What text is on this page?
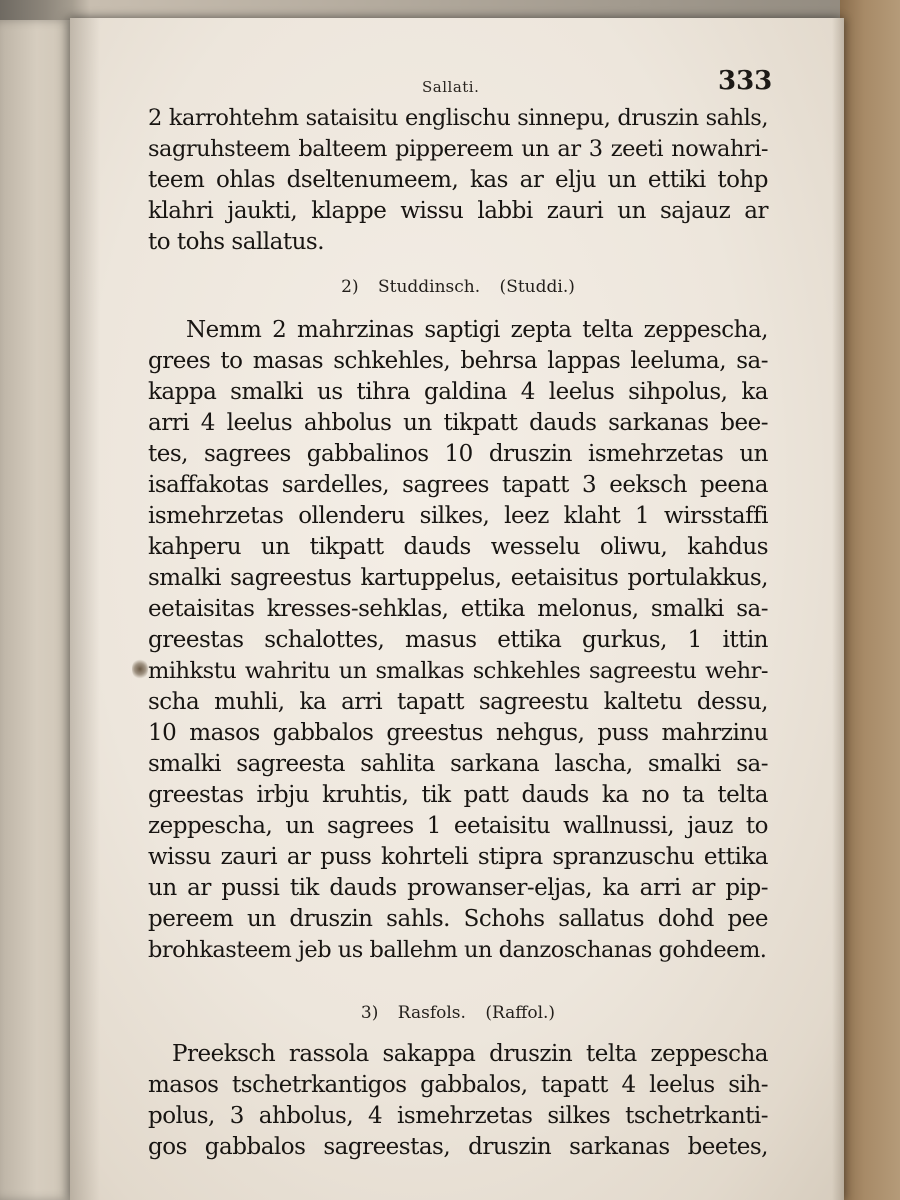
Sallati.	333

2 karrohtehm sataisitu englischu sinnepu, druszin sahls,
sagruhsteem balteem pippereem un ar 3 zeeti nowahri-
teem ohlas dseltenumeem, kas ar elju un ettiki tohp
klahri jaukti, klappe wissu labbi zauri un sajauz ar
to tohs sallatus.

2) Studdinsch. (Studdi.)

Nemm 2 mahrzinas saptigi zepta telta zeppescha,
grees to masas schkehles, behrsa lappas leeluma, sa-
kappa smalki us tihra galdina 4 leelus sihpolus, ka
arri 4 leelus ahbolus un tikpatt dauds sarkanas bee-
tes, sagrees gabbalinos 10 druszin ismehrzetas un
isaffakotas sardelles, sagrees tapatt 3 eeksch peena
ismehrzetas ollenderu silkes, leez klaht 1 wirsstaffi
kahperu un tikpatt dauds wesselu oliwu, kahdus
smalki sagreestus kartuppelus, eetaisitus portulakkus,
eetaisitas kresses-sehklas, ettika melonus, smalki sa-
greestas schalottes, masus ettika gurkus, 1 ittin
mihkstu wahritu un smalkas schkehles sagreestu wehr-
scha muhli, ka arri tapatt sagreestu kaltetu dessu,
10 masos gabbalos greestus nehgus, puss mahrzinu
smalki sagreesta sahlita sarkana lascha, smalki sa-
greestas irbju kruhtis, tik patt dauds ka no ta telta
zeppescha, un sagrees 1 eetaisitu wallnussi, jauz to
wissu zauri ar puss kohrteli stipra spranzuschu ettika
un ar pussi tik dauds prowanser-eljas, ka arri ar pip-
pereem un druszin sahls. Schohs sallatus dohd pee
brohkasteem jeb us ballehm un danzoschanas gohdeem.

3) Rasfols. (Raffol.)

Preeksch rassola sakappa druszin telta zeppescha
masos tschetrkantigos gabbalos, tapatt 4 leelus sih-
polus, 3 ahbolus, 4 ismehrzetas silkes tschetrkanti-
gos gabbalos sagreestas, druszin sarkanas beetes,
